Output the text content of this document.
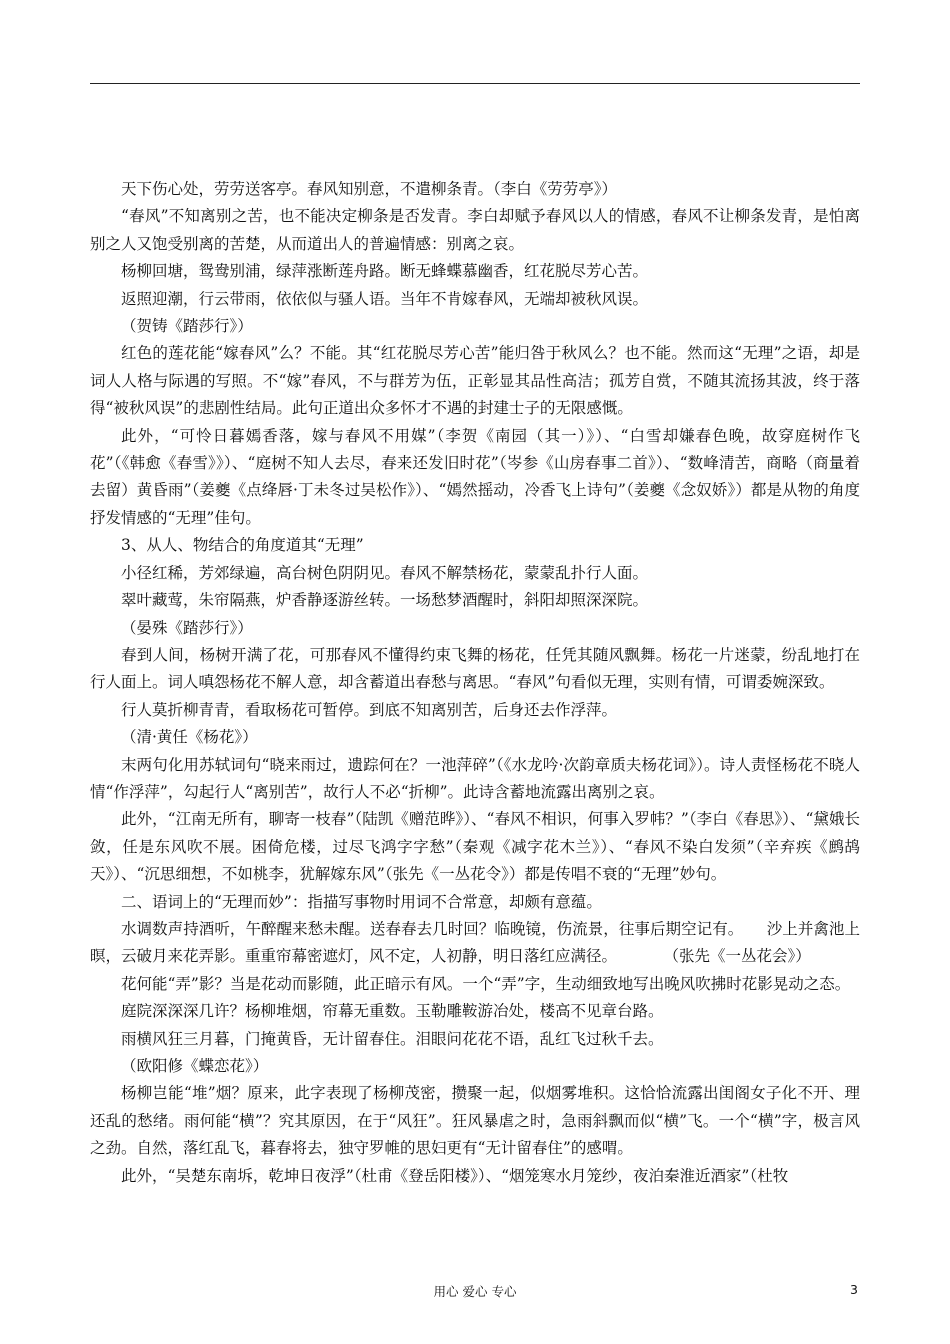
天下伤心处，劳劳送客亭。春风知别意，不遣柳条青。（李白《劳劳亭》）

“春风”不知离别之苦，也不能决定柳条是否发青。李白却赋予春风以人的情感，春风不让柳条发青，是怕离别之人又饱受别离的苦楚，从而道出人的普遍情感：别离之哀。

杨柳回塘，鸳鸯别浦，绿萍涨断莲舟路。断无蜂蝶慕幽香，红花脱尽芳心苦。

返照迎潮，行云带雨，依依似与骚人语。当年不肯嫁春风，无端却被秋风误。

（贺铸《踏莎行》）

红色的莲花能“嫁春风”么？不能。其“红花脱尽芳心苦”能归咎于秋风么？也不能。然而这“无理”之语，却是词人人格与际遇的写照。不“嫁”春风，不与群芳为伍，正彰显其品性高洁；孤芳自赏，不随其流扬其波，终于落得“被秋风误”的悲剧性结局。此句正道出众多怀才不遇的封建士子的无限感慨。

此外，“可怜日暮嫣香落，嫁与春风不用媒”（李贺《南园（其一）》）、“白雪却嫌春色晚，故穿庭树作飞花”（《韩愈《春雪》》）、“庭树不知人去尽，春来还发旧时花”（岑参《山房春事二首》）、“数峰清苦，商略（商量着去留）黄昏雨”（姜夔《点绛唇·丁未冬过吴松作》）、“嫣然摇动，冷香飞上诗句”（姜夔《念奴娇》）都是从物的角度抒发情感的“无理”佳句。

3、从人、物结合的角度道其“无理”

小径红稀，芳郊绿遍，高台树色阴阴见。春风不解禁杨花，蒙蒙乱扑行人面。

翠叶藏莺，朱帘隔燕，炉香静逐游丝转。一场愁梦酒醒时，斜阳却照深深院。

（晏殊《踏莎行》）

春到人间，杨树开满了花，可那春风不懂得约束飞舞的杨花，任凭其随风飘舞。杨花一片迷蒙，纷乱地打在行人面上。词人嗔怨杨花不解人意，却含蓄道出春愁与离思。“春风”句看似无理，实则有情，可谓委婉深致。

行人莫折柳青青，看取杨花可暂停。到底不知离别苦，后身还去作浮萍。

（清·黄任《杨花》）

末两句化用苏轼词句“晓来雨过，遗踪何在？一池萍碎”（《水龙吟·次韵章质夫杨花词》）。诗人责怪杨花不晓人情“作浮萍”，勾起行人“离别苦”，故行人不必“折柳”。此诗含蓄地流露出离别之哀。

此外，“江南无所有，聊寄一枝春”（陆凯《赠范晔》）、“春风不相识，何事入罗帏？”（李白《春思》）、“黛娥长敛，任是东风吹不展。困倚危楼，过尽飞鸿字字愁”（秦观《减字花木兰》）、“春风不染白发须”（辛弃疾《鹧鸪天》）、“沉思细想，不如桃李，犹解嫁东风”（张先《一丛花令》）都是传唱不衰的“无理”妙句。

二、语词上的“无理而妙”：指描写事物时用词不合常意，却颇有意蕴。

水调数声持酒听，午醉醒来愁未醒。送春春去几时回？临晚镜，伤流景，往事后期空记有。　　沙上并禽池上暝，云破月来花弄影。重重帘幕密遮灯，风不定，人初静，明日落红应满径。　　　　（张先《一丛花会》）

花何能“弄”影？当是花动而影随，此正暗示有风。一个“弄”字，生动细致地写出晚风吹拂时花影晃动之态。

庭院深深深几许？杨柳堆烟，帘幕无重数。玉勒雕鞍游冶处，楼高不见章台路。

雨横风狂三月暮，门掩黄昏，无计留春住。泪眼问花花不语，乱红飞过秋千去。

（欧阳修《蝶恋花》）

杨柳岂能“堆”烟？原来，此字表现了杨柳茂密，攒聚一起，似烟雾堆积。这恰恰流露出闺阁女子化不开、理还乱的愁绪。雨何能“横”？究其原因，在于“风狂”。狂风暴虐之时，急雨斜飘而似“横”飞。一个“横”字，极言风之劲。自然，落红乱飞，暮春将去，独守罗帷的思妇更有“无计留春住”的感喟。

此外，“吴楚东南坼，乾坤日夜浮”（杜甫《登岳阳楼》）、“烟笼寒水月笼纱，夜泊秦淮近酒家”（杜牧

用心 爱心 专心	3
